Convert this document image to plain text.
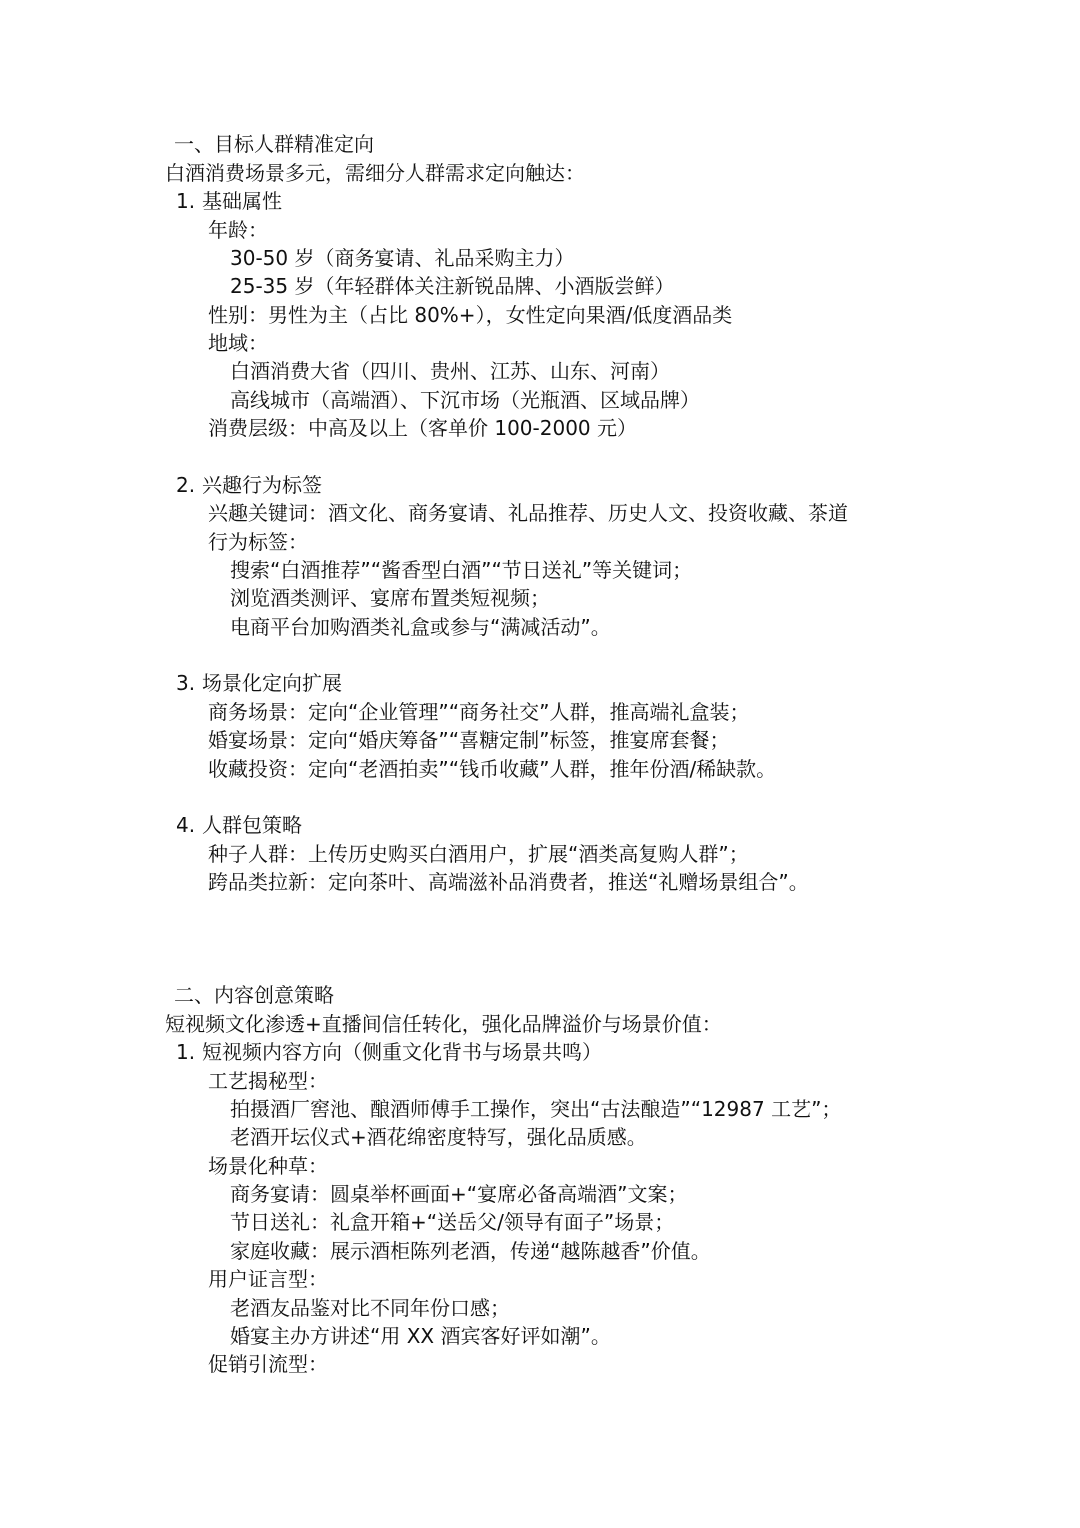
一、目标人群精准定向
白酒消费场景多元，需细分人群需求定向触达：
1. 基础属性
年龄：
30-50 岁（商务宴请、礼品采购主力）
25-35 岁（年轻群体关注新锐品牌、小酒版尝鲜）
性别：男性为主（占比 80%+），女性定向果酒/低度酒品类
地域：
白酒消费大省（四川、贵州、江苏、山东、河南）
高线城市（高端酒）、下沉市场（光瓶酒、区域品牌）
消费层级：中高及以上（客单价 100-2000 元）
2. 兴趣行为标签
兴趣关键词：酒文化、商务宴请、礼品推荐、历史人文、投资收藏、茶道
行为标签：
搜索“白酒推荐”“酱香型白酒”“节日送礼”等关键词；
浏览酒类测评、宴席布置类短视频；
电商平台加购酒类礼盒或参与“满减活动”。
3. 场景化定向扩展
商务场景：定向“企业管理”“商务社交”人群，推高端礼盒装；
婚宴场景：定向“婚庆筹备”“喜糖定制”标签，推宴席套餐；
收藏投资：定向“老酒拍卖”“钱币收藏”人群，推年份酒/稀缺款。
4. 人群包策略
种子人群：上传历史购买白酒用户，扩展“酒类高复购人群”；
跨品类拉新：定向茶叶、高端滋补品消费者，推送“礼赠场景组合”。
二、内容创意策略
短视频文化渗透+直播间信任转化，强化品牌溢价与场景价值：
1. 短视频内容方向（侧重文化背书与场景共鸣）
工艺揭秘型：
拍摄酒厂窖池、酿酒师傅手工操作，突出“古法酿造”“12987 工艺”；
老酒开坛仪式+酒花绵密度特写，强化品质感。
场景化种草：
商务宴请：圆桌举杯画面+“宴席必备高端酒”文案；
节日送礼：礼盒开箱+“送岳父/领导有面子”场景；
家庭收藏：展示酒柜陈列老酒，传递“越陈越香”价值。
用户证言型：
老酒友品鉴对比不同年份口感；
婚宴主办方讲述“用 XX 酒宾客好评如潮”。
促销引流型：
